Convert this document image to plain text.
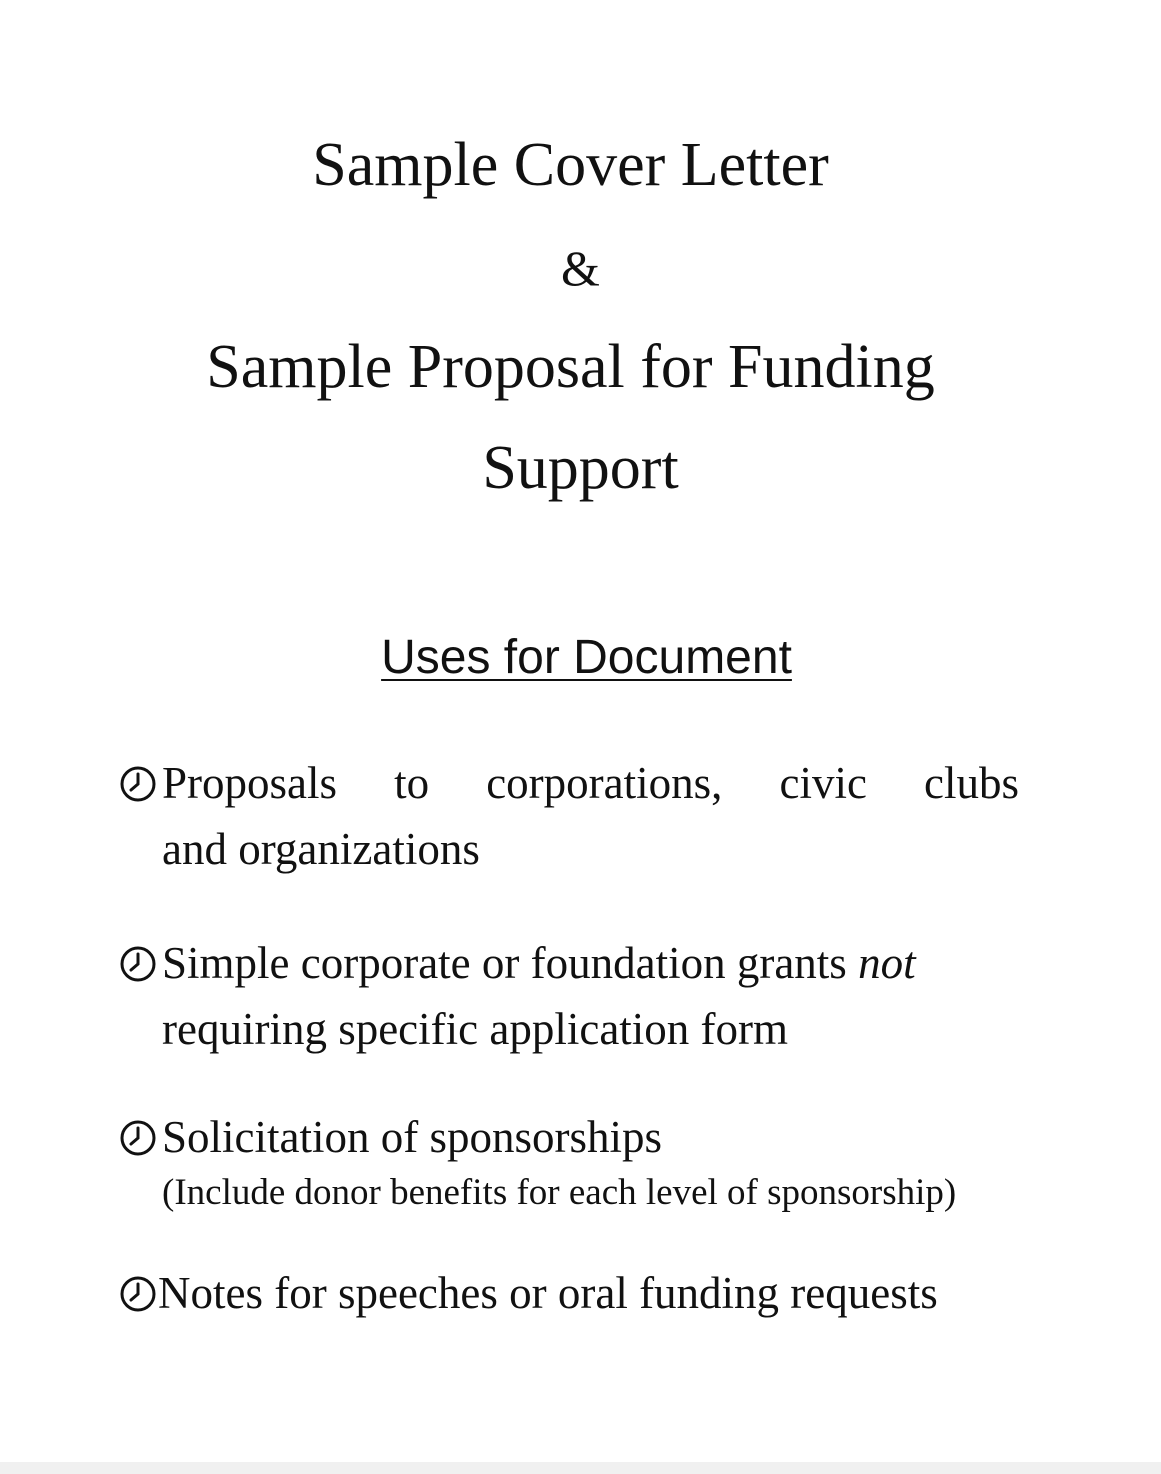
Sample Cover Letter
&
Sample Proposal for Funding
Support
Uses for Document
Proposals to corporations, civic clubs
and organizations
Simple corporate or foundation grants not
requiring specific application form
Solicitation of sponsorships
(Include donor benefits for each level of sponsorship)
Notes for speeches or oral funding requests
